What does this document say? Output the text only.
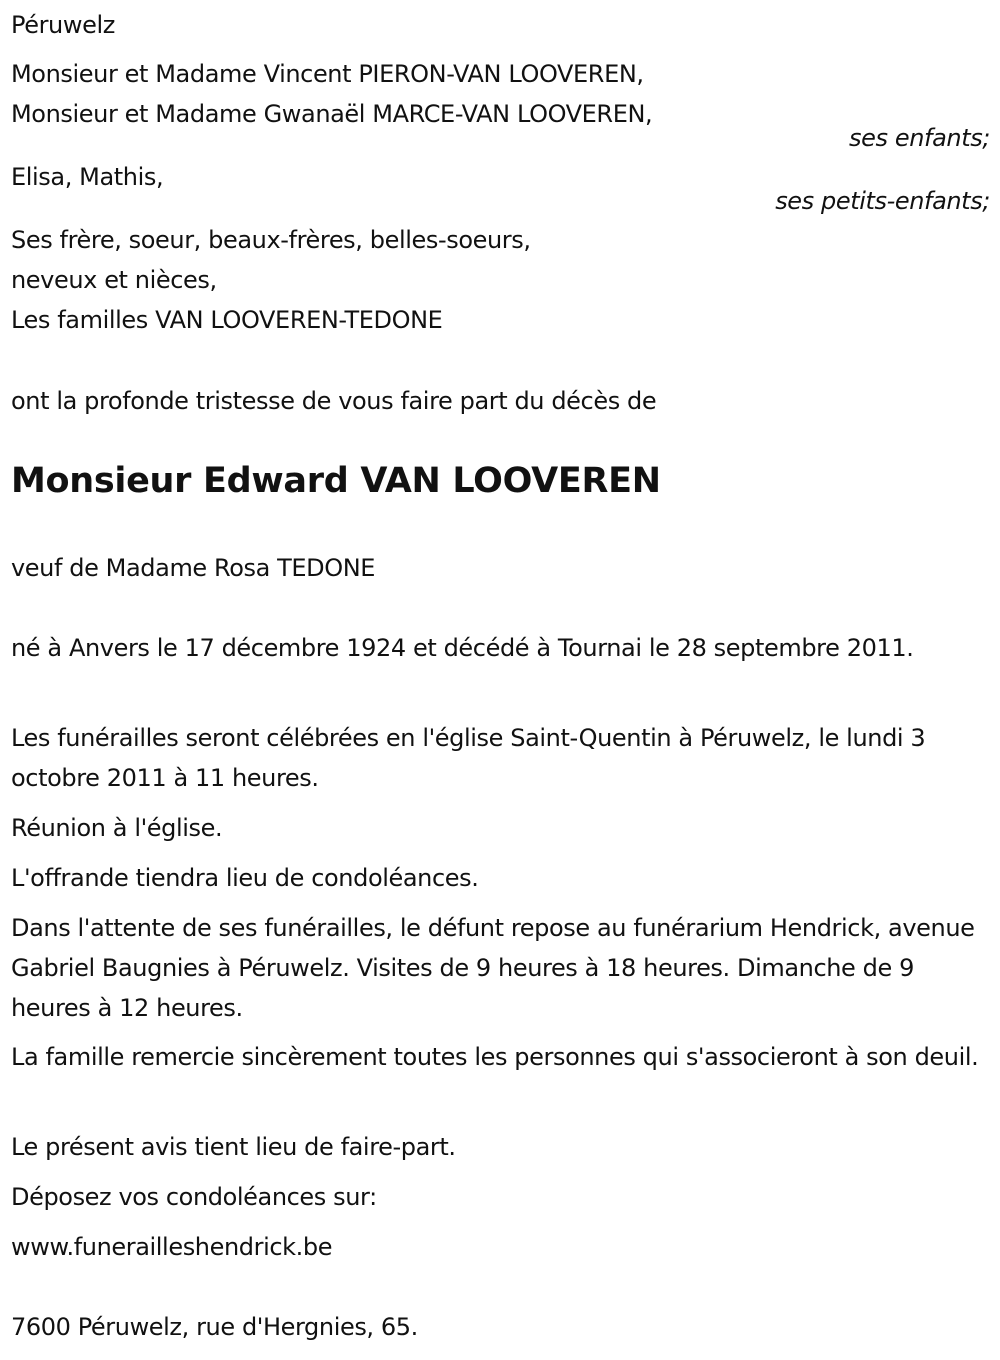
Péruwelz
Monsieur et Madame Vincent PIERON-VAN LOOVEREN,
Monsieur et Madame Gwanaël MARCE-VAN LOOVEREN,
ses enfants;
Elisa, Mathis,
ses petits-enfants;
Ses frère, soeur, beaux-frères, belles-soeurs,
neveux et nièces,
Les familles VAN LOOVEREN-TEDONE
ont la profonde tristesse de vous faire part du décès de
Monsieur Edward VAN LOOVEREN
veuf de Madame Rosa TEDONE
né à Anvers le 17 décembre 1924 et décédé à Tournai le 28 septembre 2011.
Les funérailles seront célébrées en l'église Saint-Quentin à Péruwelz, le lundi 3 octobre 2011 à 11 heures.
Réunion à l'église.
L'offrande tiendra lieu de condoléances.
Dans l'attente de ses funérailles, le défunt repose au funérarium Hendrick, avenue Gabriel Baugnies à Péruwelz. Visites de 9 heures à 18 heures. Dimanche de 9 heures à 12 heures.
La famille remercie sincèrement toutes les personnes qui s'associeront à son deuil.
Le présent avis tient lieu de faire-part.
Déposez vos condoléances sur:
www.funerailleshendrick.be
7600 Péruwelz, rue d'Hergnies, 65.
